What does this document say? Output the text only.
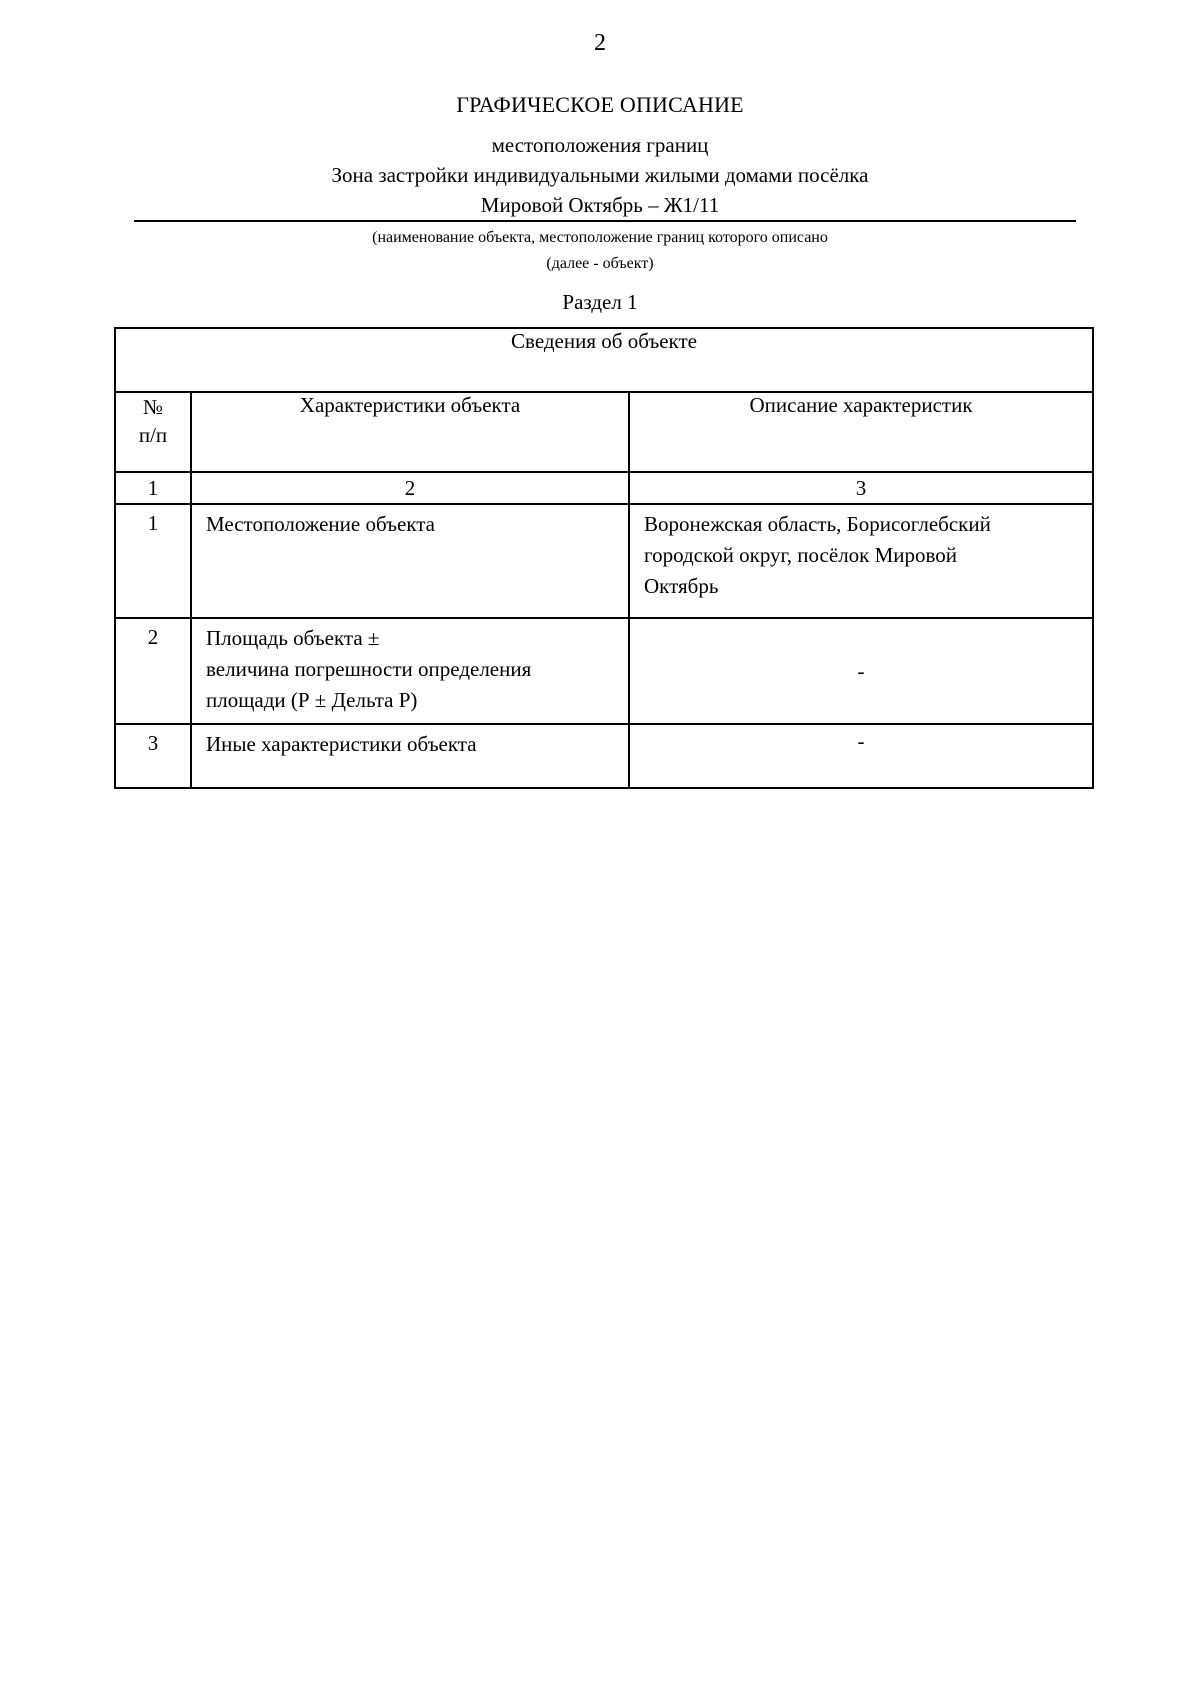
2
ГРАФИЧЕСКОЕ ОПИСАНИЕ
местоположения границ
Зона застройки индивидуальными жилыми домами посёлка
Мировой Октябрь – Ж1/11
(наименование объекта, местоположение границ которого описано
(далее - объект)
Раздел 1
Сведения об объекте		

№
п/п	Характеристики объекта	Описание характеристик
1	2	3
1	Местоположение объекта	Воронежская область, Борисоглебский
городской округ, посёлок Мировой
Октябрь

2	Площадь объекта ±
величина погрешности определения
площади (Р ± Дельта Р)	-

3	Иные характеристики объекта	-
